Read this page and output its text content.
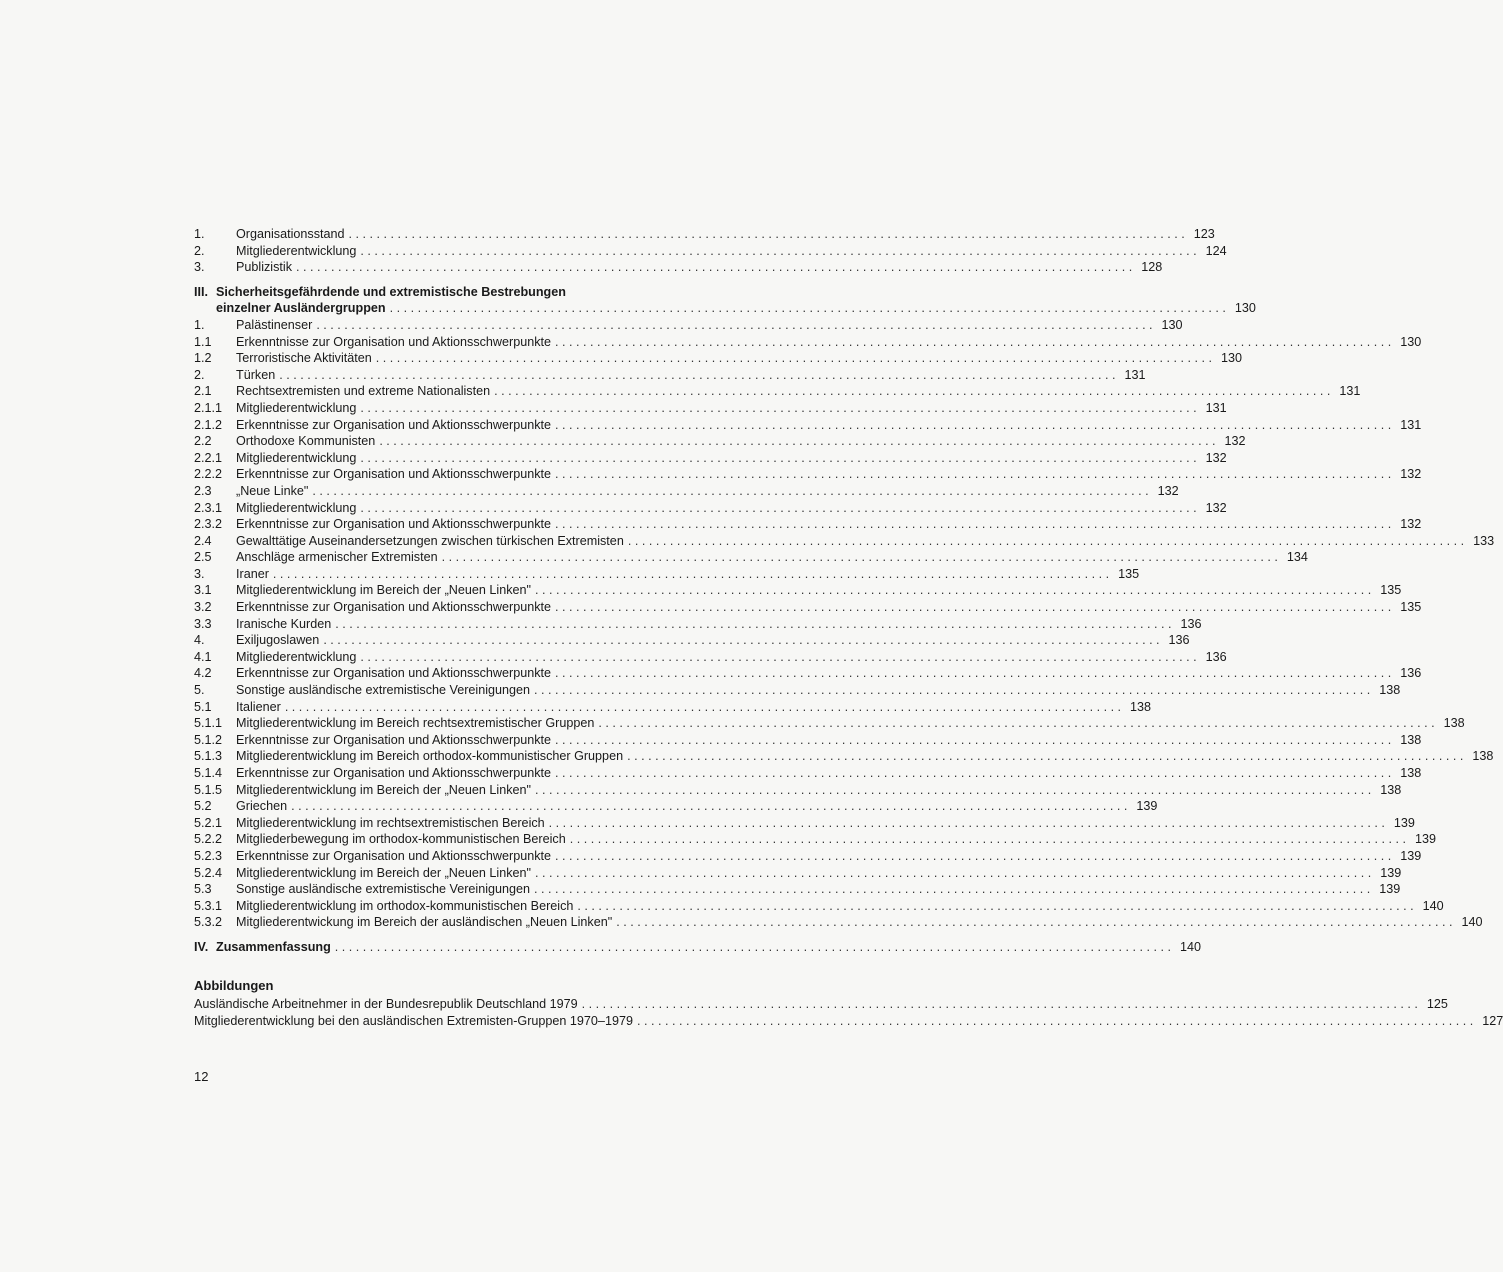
1.	Organisationsstand . . .	123
2.	Mitgliederentwicklung . . .	124
3.	Publizistik . . .	128
III. Sicherheitsgefährdende und extremistische Bestrebungen
einzelner Ausländergruppen . . .	130
1.	Palästinenser . . .	130
1.1	Erkenntnisse zur Organisation und Aktionsschwerpunkte . . .	130
1.2	Terroristische Aktivitäten . . .	130
2.	Türken . . .	131
2.1	Rechtsextremisten und extreme Nationalisten . . .	131
2.1.1	Mitgliederentwicklung . . .	131
2.1.2	Erkenntnisse zur Organisation und Aktionsschwerpunkte . . .	131
2.2	Orthodoxe Kommunisten . . .	132
2.2.1	Mitgliederentwicklung . . .	132
2.2.2	Erkenntnisse zur Organisation und Aktionsschwerpunkte . . .	132
2.3	„Neue Linke" . . .	132
2.3.1	Mitgliederentwicklung . . .	132
2.3.2	Erkenntnisse zur Organisation und Aktionsschwerpunkte . . .	132
2.4	Gewalttätige Auseinandersetzungen zwischen türkischen Extremisten . . .	133
2.5	Anschläge armenischer Extremisten . . .	134
3.	Iraner . . .	135
3.1	Mitgliederentwicklung im Bereich der „Neuen Linken" . . .	135
3.2	Erkenntnisse zur Organisation und Aktionsschwerpunkte . . .	135
3.3	Iranische Kurden . . .	136
4.	Exiljugoslawen . . .	136
4.1	Mitgliederentwicklung . . .	136
4.2	Erkenntnisse zur Organisation und Aktionsschwerpunkte . . .	136
5.	Sonstige ausländische extremistische Vereinigungen . . .	138
5.1	Italiener . . .	138
5.1.1	Mitgliederentwicklung im Bereich rechtsextremistischer Gruppen . . .	138
5.1.2	Erkenntnisse zur Organisation und Aktionsschwerpunkte . . .	138
5.1.3	Mitgliederentwicklung im Bereich orthodox-kommunistischer Gruppen . . .	138
5.1.4	Erkenntnisse zur Organisation und Aktionsschwerpunkte . . .	138
5.1.5	Mitgliederentwicklung im Bereich der „Neuen Linken" . . .	138
5.2	Griechen . . .	139
5.2.1	Mitgliederentwicklung im rechtsextremistischen Bereich . . .	139
5.2.2	Mitgliederbewegung im orthodox-kommunistischen Bereich . . .	139
5.2.3	Erkenntnisse zur Organisation und Aktionsschwerpunkte . . .	139
5.2.4	Mitgliederentwicklung im Bereich der „Neuen Linken" . . .	139
5.3	Sonstige ausländische extremistische Vereinigungen . . .	139
5.3.1	Mitgliederentwicklung im orthodox-kommunistischen Bereich . . .	140
5.3.2	Mitgliederentwickung im Bereich der ausländischen „Neuen Linken" . . .	140
IV. Zusammenfassung . . .	140
Abbildungen
Ausländische Arbeitnehmer in der Bundesrepublik Deutschland 1979 . . .	125
Mitgliederentwicklung bei den ausländischen Extremisten-Gruppen 1970–1979 . . .	127
12
